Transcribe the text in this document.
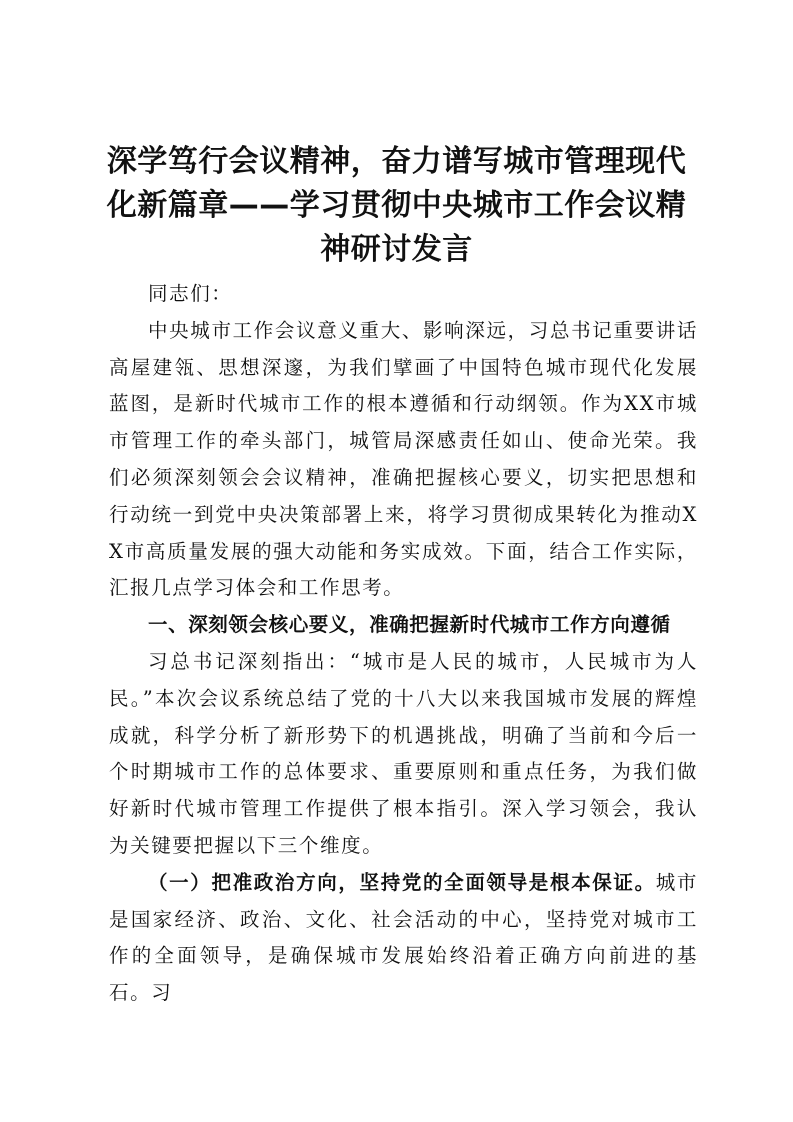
深学笃行会议精神，奋力谱写城市管理现代化新篇章——学习贯彻中央城市工作会议精神研讨发言

同志们：

中央城市工作会议意义重大、影响深远，习总书记重要讲话高屋建瓴、思想深邃，为我们擘画了中国特色城市现代化发展蓝图，是新时代城市工作的根本遵循和行动纲领。作为XX市城市管理工作的牵头部门，城管局深感责任如山、使命光荣。我们必须深刻领会会议精神，准确把握核心要义，切实把思想和行动统一到党中央决策部署上来，将学习贯彻成果转化为推动XX市高质量发展的强大动能和务实成效。下面，结合工作实际，汇报几点学习体会和工作思考。

一、深刻领会核心要义，准确把握新时代城市工作方向遵循

习总书记深刻指出：“城市是人民的城市，人民城市为人民。”本次会议系统总结了党的十八大以来我国城市发展的辉煌成就，科学分析了新形势下的机遇挑战，明确了当前和今后一个时期城市工作的总体要求、重要原则和重点任务，为我们做好新时代城市管理工作提供了根本指引。深入学习领会，我认为关键要把握以下三个维度。

（一）把准政治方向，坚持党的全面领导是根本保证。城市是国家经济、政治、文化、社会活动的中心，坚持党对城市工作的全面领导，是确保城市发展始终沿着正确方向前进的基石。习
